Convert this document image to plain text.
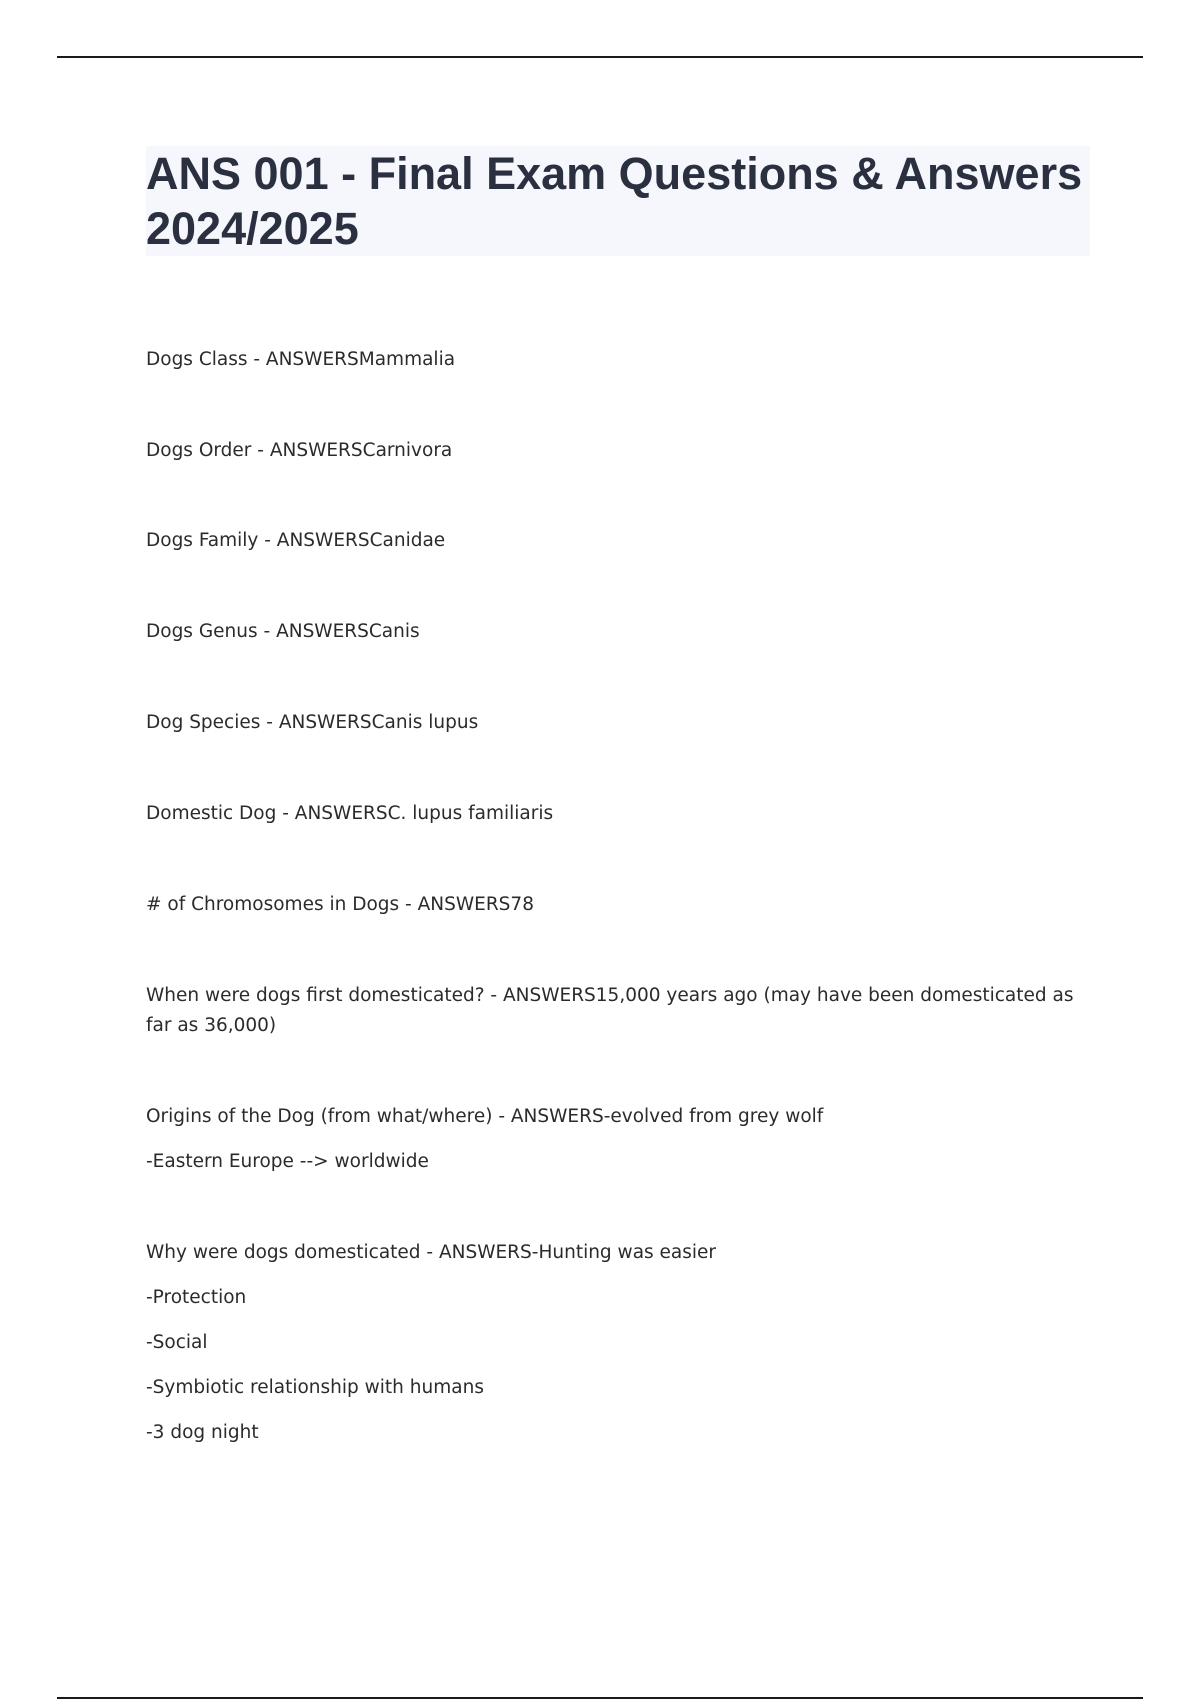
ANS 001 - Final Exam Questions & Answers 2024/2025
Dogs Class - ANSWERSMammalia
Dogs Order - ANSWERSCarnivora
Dogs Family - ANSWERSCanidae
Dogs Genus - ANSWERSCanis
Dog Species - ANSWERSCanis lupus
Domestic Dog - ANSWERSC. lupus familiaris
# of Chromosomes in Dogs - ANSWERS78
When were dogs first domesticated? - ANSWERS15,000 years ago (may have been domesticated as far as 36,000)
Origins of the Dog (from what/where) - ANSWERS-evolved from grey wolf
-Eastern Europe --> worldwide
Why were dogs domesticated - ANSWERS-Hunting was easier
-Protection
-Social
-Symbiotic relationship with humans
-3 dog night
